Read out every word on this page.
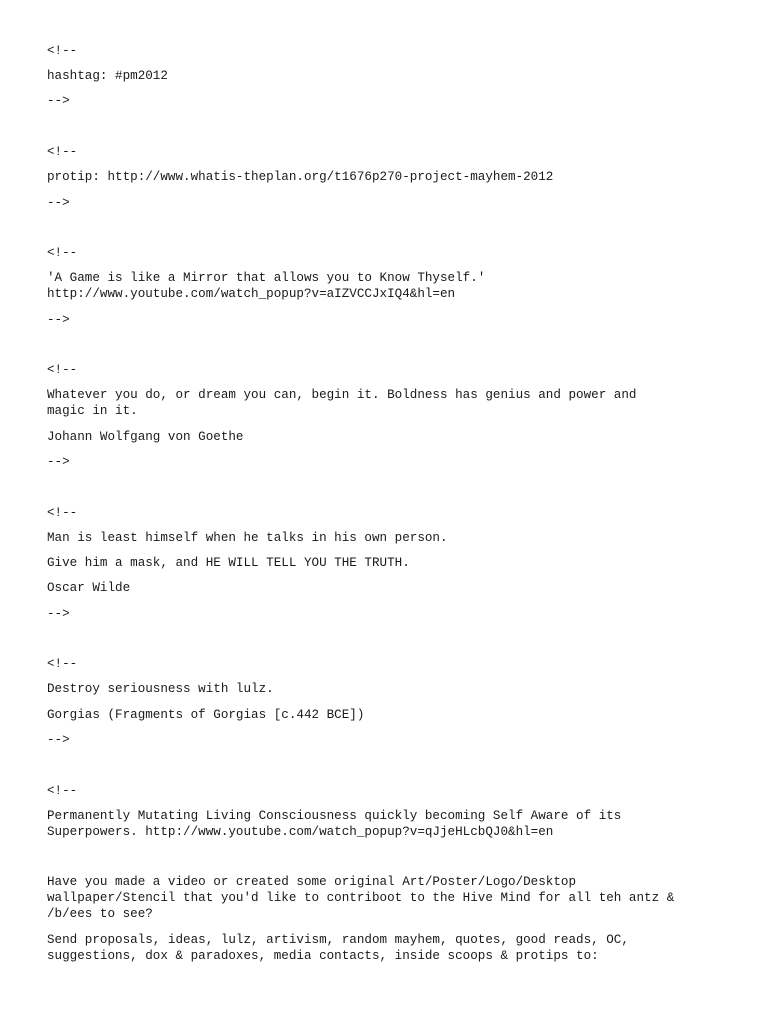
<!--
hashtag: #pm2012
-->
<!--
protip: http://www.whatis-theplan.org/t1676p270-project-mayhem-2012
-->
<!--
'A Game is like a Mirror that allows you to Know Thyself.'
http://www.youtube.com/watch_popup?v=aIZVCCJxIQ4&hl=en
-->
<!--
Whatever you do, or dream you can, begin it. Boldness has genius and power and
magic in it.
Johann Wolfgang von Goethe
-->
<!--
Man is least himself when he talks in his own person.
Give him a mask, and HE WILL TELL YOU THE TRUTH.
Oscar Wilde
-->
<!--
Destroy seriousness with lulz.
Gorgias (Fragments of Gorgias [c.442 BCE])
-->
<!--
Permanently Mutating Living Consciousness quickly becoming Self Aware of its
Superpowers. http://www.youtube.com/watch_popup?v=qJjeHLcbQJ0&hl=en
Have you made a video or created some original Art/Poster/Logo/Desktop
wallpaper/Stencil that you'd like to contriboot to the Hive Mind for all teh antz &
/b/ees to see?
Send proposals, ideas, lulz, artivism, random mayhem, quotes, good reads, OC,
suggestions, dox & paradoxes, media contacts, inside scoops & protips to:
